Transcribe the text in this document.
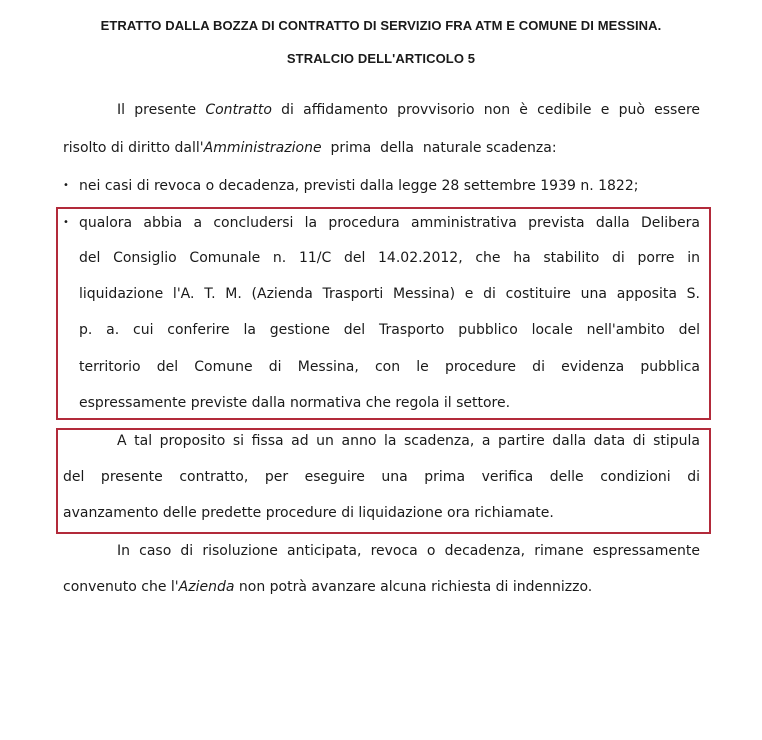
ETRATTO DALLA BOZZA DI CONTRATTO DI SERVIZIO FRA ATM E COMUNE DI MESSINA.
STRALCIO DELL'ARTICOLO 5
Il presente Contratto di affidamento provvisorio non è cedibile e può essere
risolto di diritto dall'Amministrazione  prima  della  naturale scadenza:
• nei casi di revoca o decadenza, previsti dalla legge 28 settembre 1939 n. 1822;
• qualora abbia a concludersi la procedura amministrativa prevista dalla Delibera
del Consiglio Comunale n. 11/C del 14.02.2012, che ha stabilito di porre in
liquidazione l'A. T. M. (Azienda Trasporti Messina) e di costituire una apposita S.
p. a. cui conferire la gestione del Trasporto pubblico locale nell'ambito del
territorio del Comune di Messina, con le procedure di evidenza pubblica
espressamente previste dalla normativa che regola il settore.
A tal proposito si fissa ad un anno la scadenza, a partire dalla data di stipula
del presente contratto, per eseguire una prima verifica delle condizioni di
avanzamento delle predette procedure di liquidazione ora richiamate.
In caso di risoluzione anticipata, revoca o decadenza, rimane espressamente
convenuto che l'Azienda non potrà avanzare alcuna richiesta di indennizzo.
